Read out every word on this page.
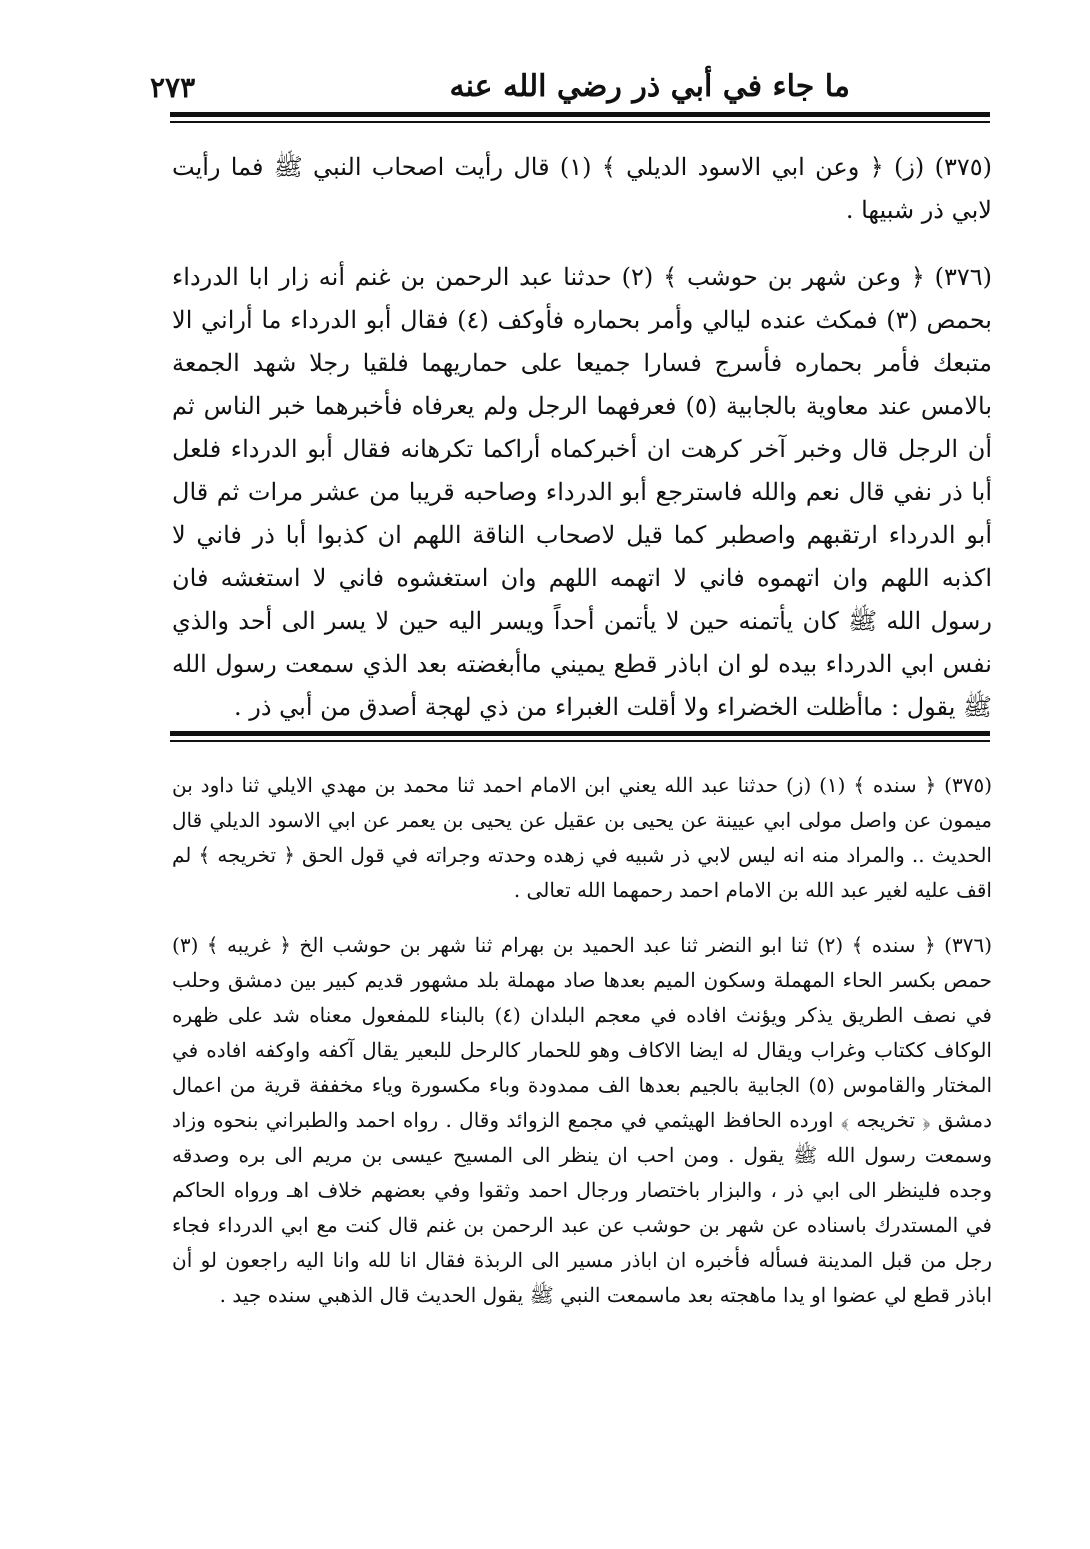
٢٧٣	ما جاء في أبي ذر رضي الله عنه

(٣٧٥) (ز) ﴿ وعن ابي الاسود الديلي ﴾ (١) قال رأيت اصحاب النبي ﷺ فما رأيت لابي ذر شبيها .

(٣٧٦) ﴿ وعن شهر بن حوشب ﴾ (٢) حدثنا عبد الرحمن بن غنم أنه زار ابا الدرداء بحمص (٣) فمكث عنده ليالي وأمر بحماره فأوكف (٤) فقال أبو الدرداء ما أراني الا متبعك فأمر بحماره فأسرج فسارا جميعا على حماريهما فلقيا رجلا شهد الجمعة بالامس عند معاوية بالجابية (٥) فعرفهما الرجل ولم يعرفاه فأخبرهما خبر الناس ثم أن الرجل قال وخبر آخر كرهت ان أخبركماه أراكما تكرهانه فقال أبو الدرداء فلعل أبا ذر نفي قال نعم والله فاسترجع أبو الدرداء وصاحبه قريبا من عشر مرات ثم قال أبو الدرداء ارتقبهم واصطبر كما قيل لاصحاب الناقة اللهم ان كذبوا أبا ذر فاني لا اكذبه اللهم وان اتهموه فاني لا اتهمه اللهم وان استغشوه فاني لا استغشه فان رسول الله ﷺ كان يأتمنه حين لا يأتمن أحداً ويسر اليه حين لا يسر الى أحد والذي نفس ابي الدرداء بيده لو ان اباذر قطع يميني ماأبغضته بعد الذي سمعت رسول الله ﷺ يقول : ماأظلت الخضراء ولا أقلت الغبراء من ذي لهجة أصدق من أبي ذر .

(٣٧٥) ﴿ سنده ﴾ (١) (ز) حدثنا عبد الله يعني ابن الامام احمد ثنا محمد بن مهدي الايلي ثنا داود بن ميمون عن واصل مولى ابي عيينة عن يحيى بن عقيل عن يحيى بن يعمر عن ابي الاسود الديلي قال الحديث .. والمراد منه انه ليس لابي ذر شبيه في زهده وحدته وجراته في قول الحق ﴿ تخريجه ﴾ لم اقف عليه لغير عبد الله بن الامام احمد رحمهما الله تعالى .

(٣٧٦) ﴿ سنده ﴾ (٢) ثنا ابو النضر ثنا عبد الحميد بن بهرام ثنا شهر بن حوشب الخ ﴿ غريبه ﴾ (٣) حمص بكسر الحاء المهملة وسكون الميم بعدها صاد مهملة بلد مشهور قديم كبير بين دمشق وحلب في نصف الطريق يذكر ويؤنث افاده في معجم البلدان (٤) بالبناء للمفعول معناه شد على ظهره الوكاف ككتاب وغراب ويقال له ايضا الاكاف وهو للحمار كالرحل للبعير يقال آكفه واوكفه افاده في المختار والقاموس (٥) الجابية بالجيم بعدها الف ممدودة وباء مكسورة وياء مخففة قرية من اعمال دمشق ﴿ تخريجه ﴾ اورده الحافظ الهيثمي في مجمع الزوائد وقال . رواه احمد والطبراني بنحوه وزاد وسمعت رسول الله ﷺ يقول . ومن احب ان ينظر الى المسيح عيسى بن مريم الى بره وصدقه وجده فلينظر الى ابي ذر ، والبزار باختصار ورجال احمد وثقوا وفي بعضهم خلاف اهـ ورواه الحاكم في المستدرك باسناده عن شهر بن حوشب عن عبد الرحمن بن غنم قال كنت مع ابي الدرداء فجاء رجل من قبل المدينة فسأله فأخبره ان اباذر مسير الى الربذة فقال انا لله وانا اليه راجعون لو أن اباذر قطع لي عضوا او يدا ماهجته بعد ماسمعت النبي ﷺ يقول الحديث قال الذهبي سنده جيد .
